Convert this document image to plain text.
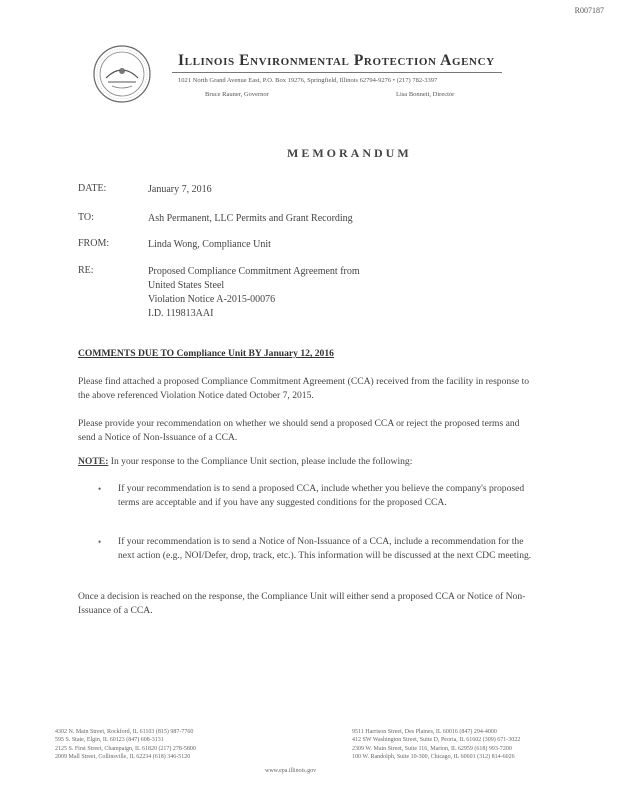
R007187
Illinois Environmental Protection Agency
1021 North Grand Avenue East, P.O. Box 19276, Springfield, Illinois 62794-9276 • (217) 782-3397
Bruce Rauner, Governor	Lisa Bonnett, Director
MEMORANDUM
DATE:	January 7, 2016
TO:	Ash Permanent, LLC Permits and Grant Recording
FROM:	Linda Wong, Compliance Unit
RE:	Proposed Compliance Commitment Agreement from
United States Steel
Violation Notice A-2015-00076
I.D. 119813AAI
COMMENTS DUE TO Compliance Unit BY January 12, 2016
Please find attached a proposed Compliance Commitment Agreement (CCA) received from the facility in response to the above referenced Violation Notice dated October 7, 2015.
Please provide your recommendation on whether we should send a proposed CCA or reject the proposed terms and send a Notice of Non-Issuance of a CCA.
NOTE: In your response to the Compliance Unit section, please include the following:
• If your recommendation is to send a proposed CCA, include whether you believe the company's proposed terms are acceptable and if you have any suggested conditions for the proposed CCA.
• If your recommendation is to send a Notice of Non-Issuance of a CCA, include a recommendation for the next action (e.g., NOI/Defer, drop, track, etc.). This information will be discussed at the next CDC meeting.
Once a decision is reached on the response, the Compliance Unit will either send a proposed CCA or Notice of Non-Issuance of a CCA.
4302 N. Main Street, Rockford, IL 61103 (815) 987-7760
595 S. State, Elgin, IL 60123 (847) 608-3131
2125 S. First Street, Champaign, IL 61820 (217) 278-5800
2009 Mall Street, Collinsville, IL 62234 (618) 346-5120
9511 Harrison Street, Des Plaines, IL 60016 (847) 294-4000
412 SW Washington Street, Suite D, Peoria, IL 61602 (309) 671-3022
2309 W. Main Street, Suite 116, Marion, IL 62959 (618) 993-7200
100 W. Randolph, Suite 10-300, Chicago, IL 60601 (312) 814-6026
www.epa.illinois.gov
